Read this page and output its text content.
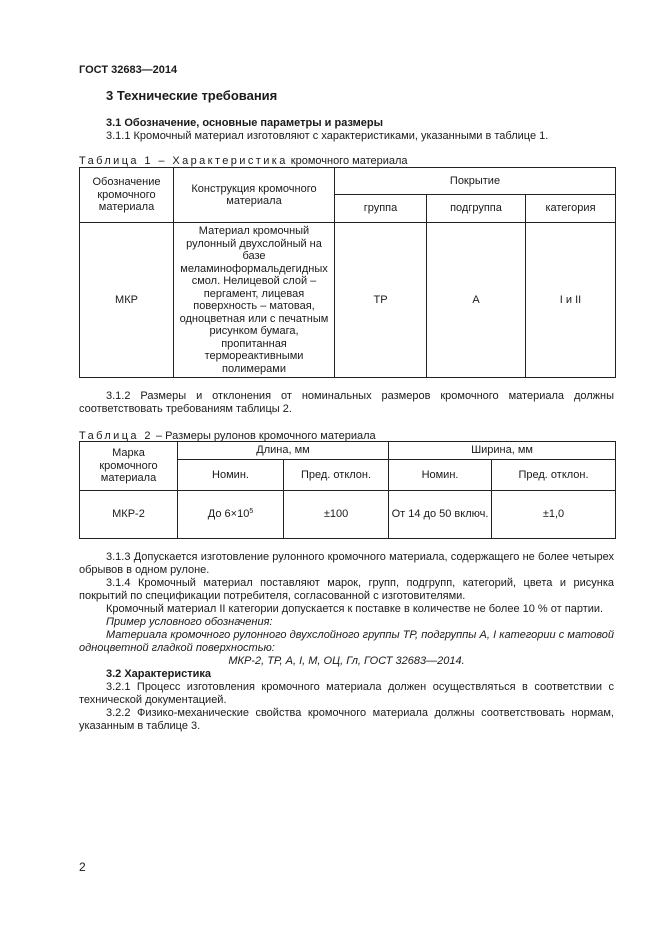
ГОСТ 32683—2014
3 Технические требования
3.1 Обозначение, основные параметры и размеры
3.1.1 Кромочный материал изготовляют с характеристиками, указанными в таблице 1.
Таблица 1 – Характеристика кромочного материала
Обозначение кромочного материала	Конструкция кромочного материала	Покрытие		
		группа	подгруппа	категория
МКР	Материал кромочный рулонный двухслойный на базе меламиноформальдегидных смол. Нелицевой слой – пергамент, лицевая поверхность – матовая, одноцветная или с печатным рисунком бумага, пропитанная термореактивными полимерами	ТР	А	I и II
3.1.2 Размеры и отклонения от номинальных размеров кромочного материала должны соответствовать требованиям таблицы 2.
Таблица 2 – Размеры рулонов кромочного материала
Марка кромочного материала	Длина, мм		Ширина, мм	
	Номин.	Пред. отклон.	Номин.	Пред. отклон.
МКР-2	До $6\times 10^5$	±100	От 14 до 50 включ.	±1,0
3.1.3 Допускается изготовление рулонного кромочного материала, содержащего не более четырех обрывов в одном рулоне.
3.1.4 Кромочный материал поставляют марок, групп, подгрупп, категорий, цвета и рисунка покрытий по спецификации потребителя, согласованной с изготовителями.
Кромочный материал II категории допускается к поставке в количестве не более 10 % от партии.
Пример условного обозначения:
Материала кромочного рулонного двухслойного группы ТР, подгруппы А, I категории с матовой одноцветной гладкой поверхностью:
МКР-2, ТР, А, I, М, ОЦ, Гл, ГОСТ 32683—2014.
3.2 Характеристика
3.2.1 Процесс изготовления кромочного материала должен осуществляться в соответствии с технической документацией.
3.2.2 Физико-механические свойства кромочного материала должны соответствовать нормам, указанным в таблице 3.
2
